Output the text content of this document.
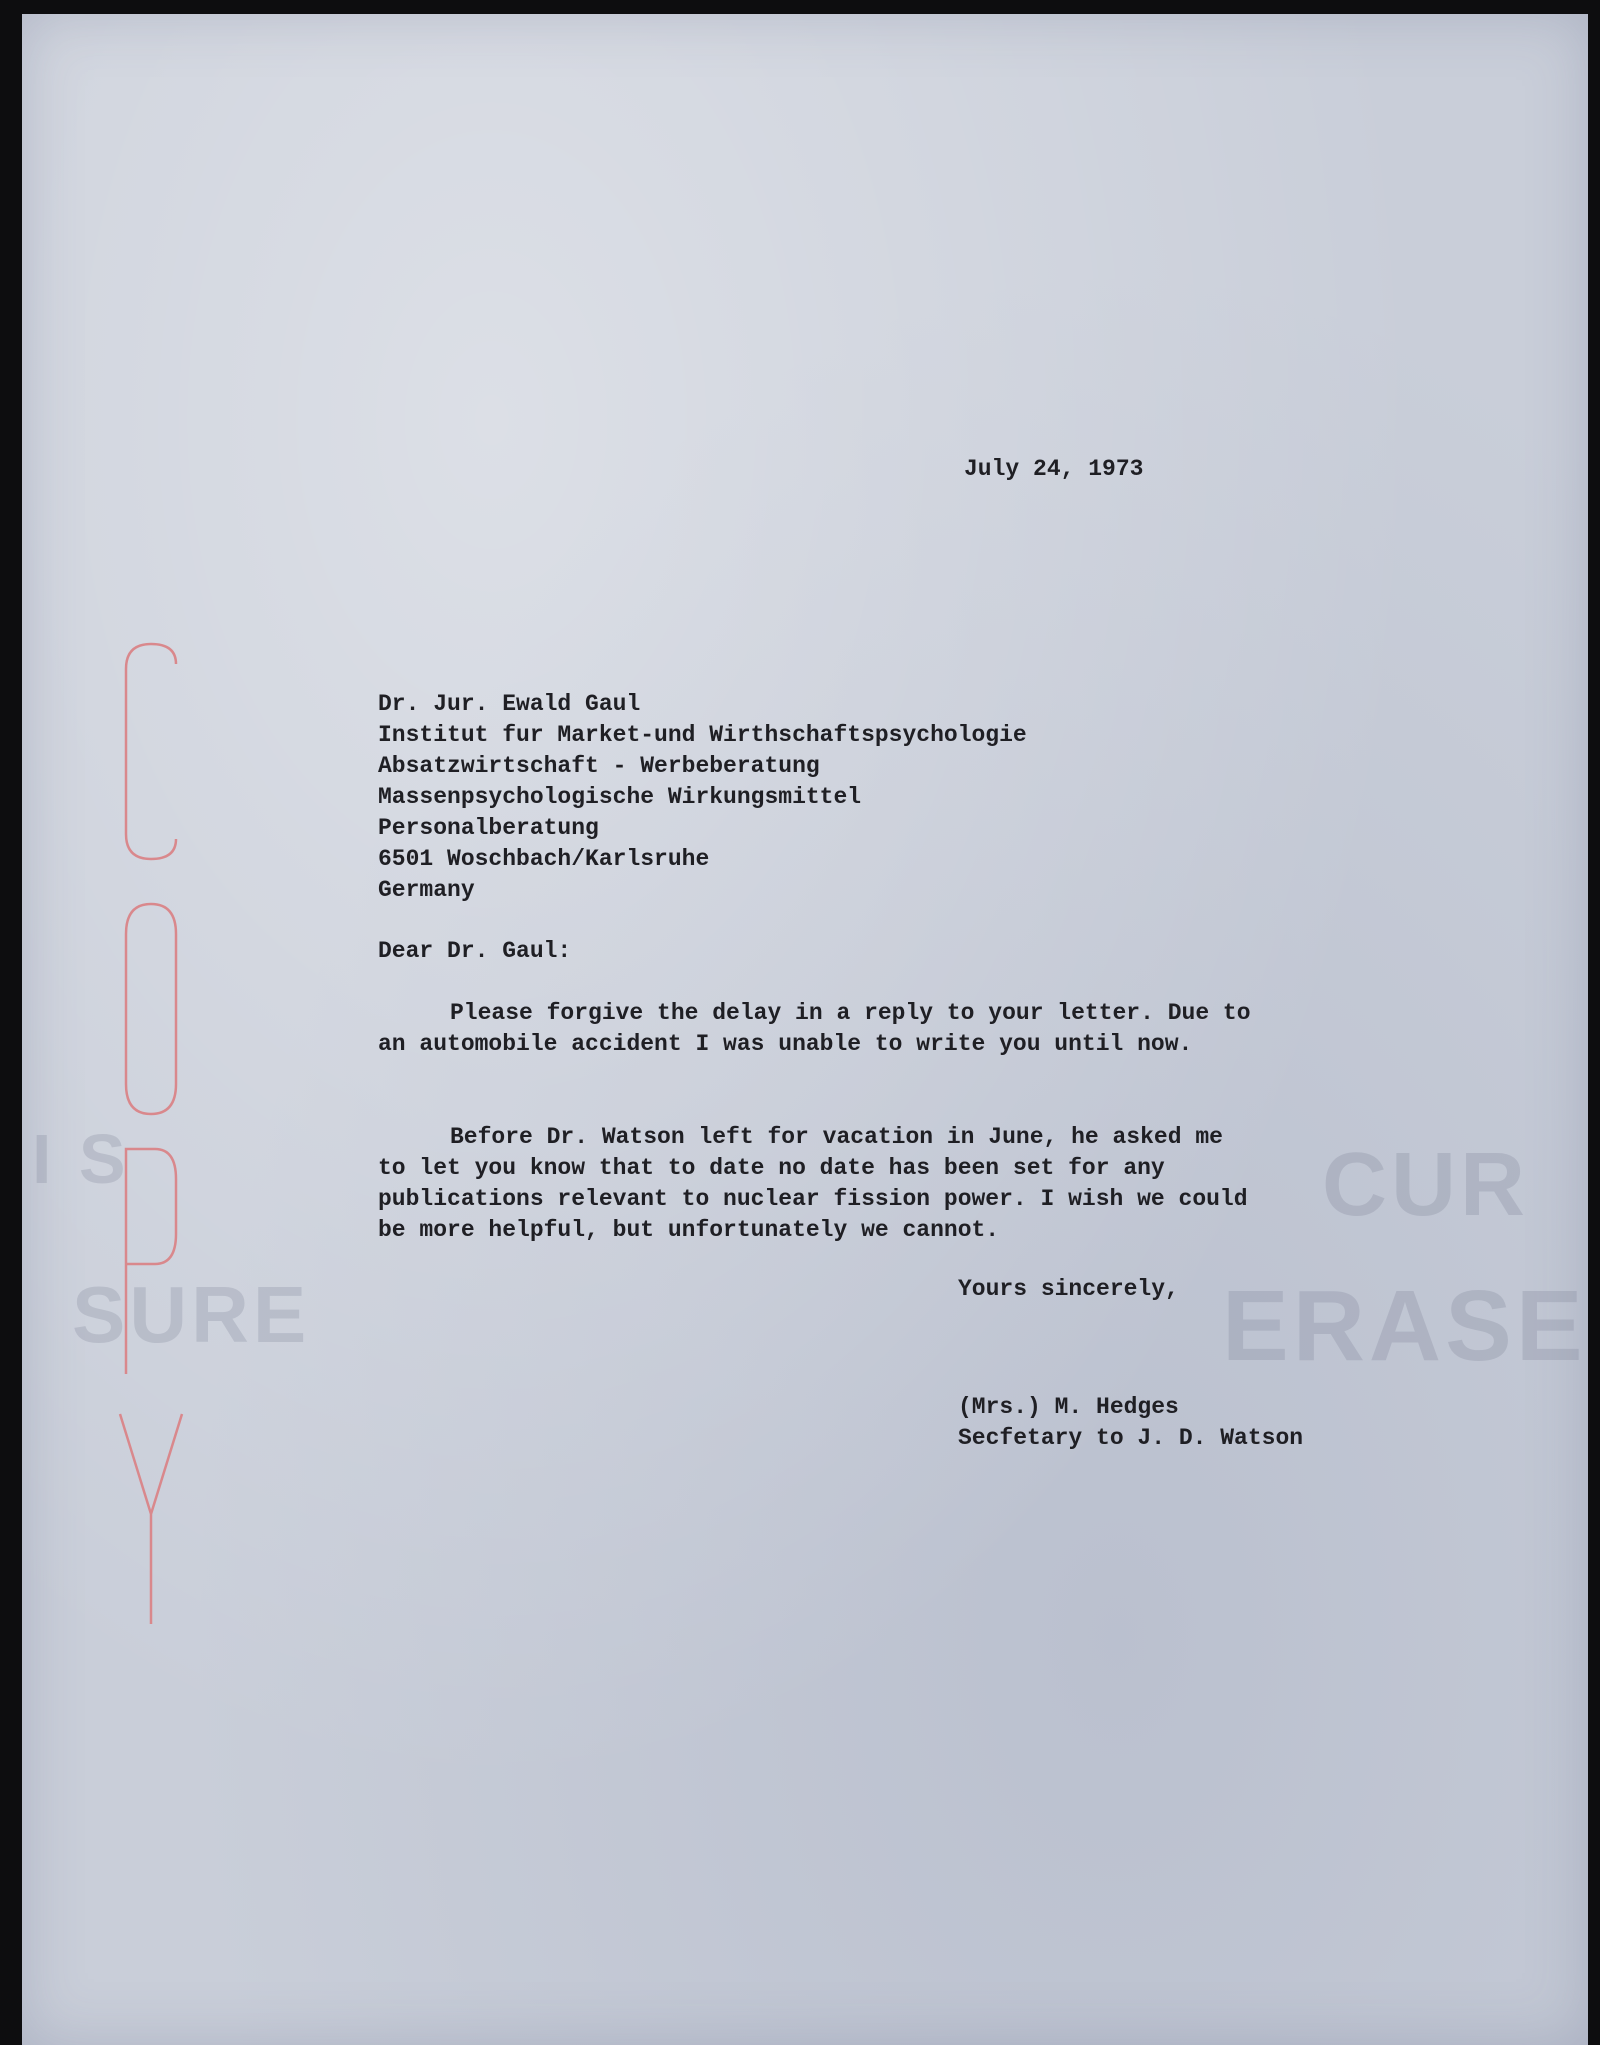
I S
SURE
CUR
ERASE
July 24, 1973
Dr. Jur. Ewald Gaul
Institut fur Market-und Wirthschaftspsychologie
Absatzwirtschaft - Werbeberatung
Massenpsychologische Wirkungsmittel
Personalberatung
6501 Woschbach/Karlsruhe
Germany
Dear Dr. Gaul:
Please forgive the delay in a reply to your letter. Due to an automobile accident I was unable to write you until now.
Before Dr. Watson left for vacation in June, he asked me to let you know that to date no date has been set for any publications relevant to nuclear fission power. I wish we could be more helpful, but unfortunately we cannot.
Yours sincerely,
(Mrs.) M. Hedges
Secfetary to J. D. Watson
